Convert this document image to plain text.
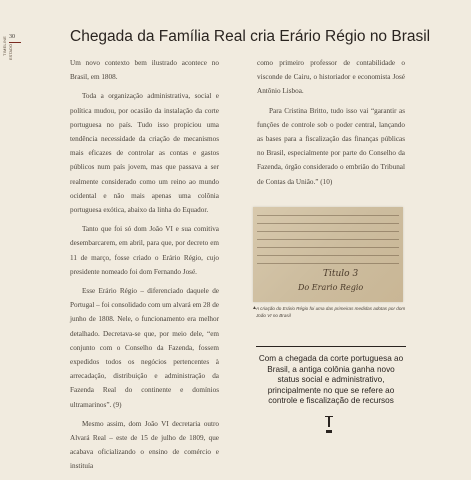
30
TIMELINE ESTADO
Chegada da Família Real cria Erário Régio no Brasil

Um novo contexto bem ilustrado acontece no Brasil, em 1808.

Toda a organização administrativa, social e política mudou, por ocasião da instalação da corte portuguesa no país. Tudo isso propiciou uma tendência necessidade da criação de mecanismos mais eficazes de controlar as contas e gastos públicos num país jovem, mas que passava a ser realmente considerado como um reino ao mundo ocidental e não mais apenas uma colônia portuguesa exótica, abaixo da linha do Equador.

Tanto que foi só dom João VI e sua comitiva desembarcarem, em abril, para que, por decreto em 11 de março, fosse criado o Erário Régio, cujo presidente nomeado foi dom Fernando José.

Esse Erário Régio – diferenciado daquele de Portugal – foi consolidado com um alvará em 28 de junho de 1808. Nele, o funcionamento era melhor detalhado. Decretava-se que, por meio dele, “em conjunto com o Conselho da Fazenda, fossem expedidos todos os negócios pertencentes à arrecadação, distribuição e administração da Fazenda Real do continente e domínios ultramarinos”. (9)

Mesmo assim, dom João VI decretaria outro Alvará Real – este de 15 de julho de 1809, que acabava oficializando o ensino de comércio e instituía

como primeiro professor de contabilidade o visconde de Cairu, o historiador e economista José Antônio Lisboa.

Para Cristina Britto, tudo isso vai “garantir as funções de controle sob o poder central, lançando as bases para a fiscalização das finanças públicas no Brasil, especialmente por parte do Conselho da Fazenda, órgão considerado o embrião do Tribunal de Contas da União.” (10)

Titulo 3
Do Erario Regio
▲ A criação do Erário Régio foi uma das primeiras medidas adotas por dom João VI no Brasil
Com a chegada da corte portuguesa ao Brasil, a antiga colônia ganha novo status social e administrativo, principalmente no que se refere ao controle e fiscalização de recursos
